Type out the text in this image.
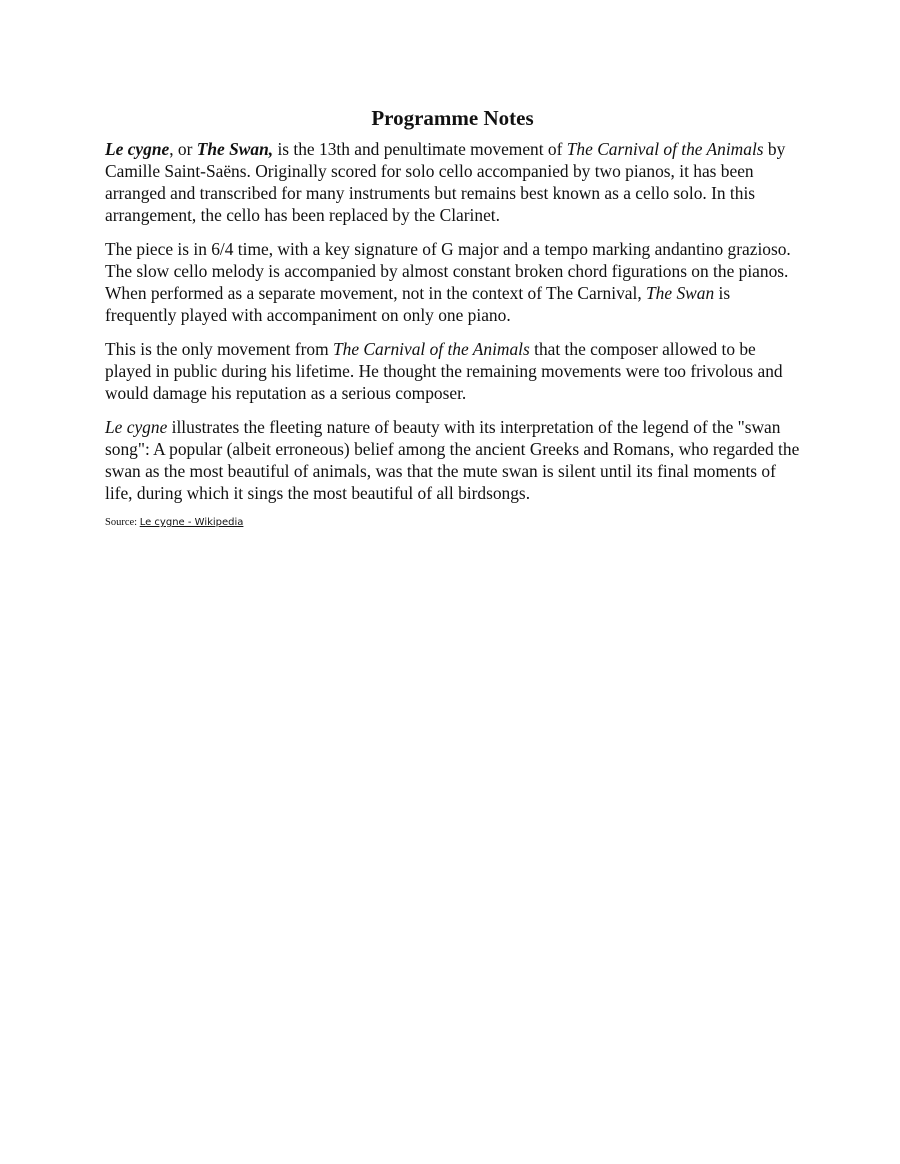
Programme Notes

Le cygne, or The Swan, is the 13th and penultimate movement of The Carnival of the Animals by Camille Saint-Saëns. Originally scored for solo cello accompanied by two pianos, it has been arranged and transcribed for many instruments but remains best known as a cello solo. In this arrangement, the cello has been replaced by the Clarinet.

The piece is in 6/4 time, with a key signature of G major and a tempo marking andantino grazioso. The slow cello melody is accompanied by almost constant broken chord figurations on the pianos. When performed as a separate movement, not in the context of The Carnival, The Swan is frequently played with accompaniment on only one piano.

This is the only movement from The Carnival of the Animals that the composer allowed to be played in public during his lifetime. He thought the remaining movements were too frivolous and would damage his reputation as a serious composer.

Le cygne illustrates the fleeting nature of beauty with its interpretation of the legend of the "swan song": A popular (albeit erroneous) belief among the ancient Greeks and Romans, who regarded the swan as the most beautiful of animals, was that the mute swan is silent until its final moments of life, during which it sings the most beautiful of all birdsongs.

Source: Le cygne - Wikipedia
